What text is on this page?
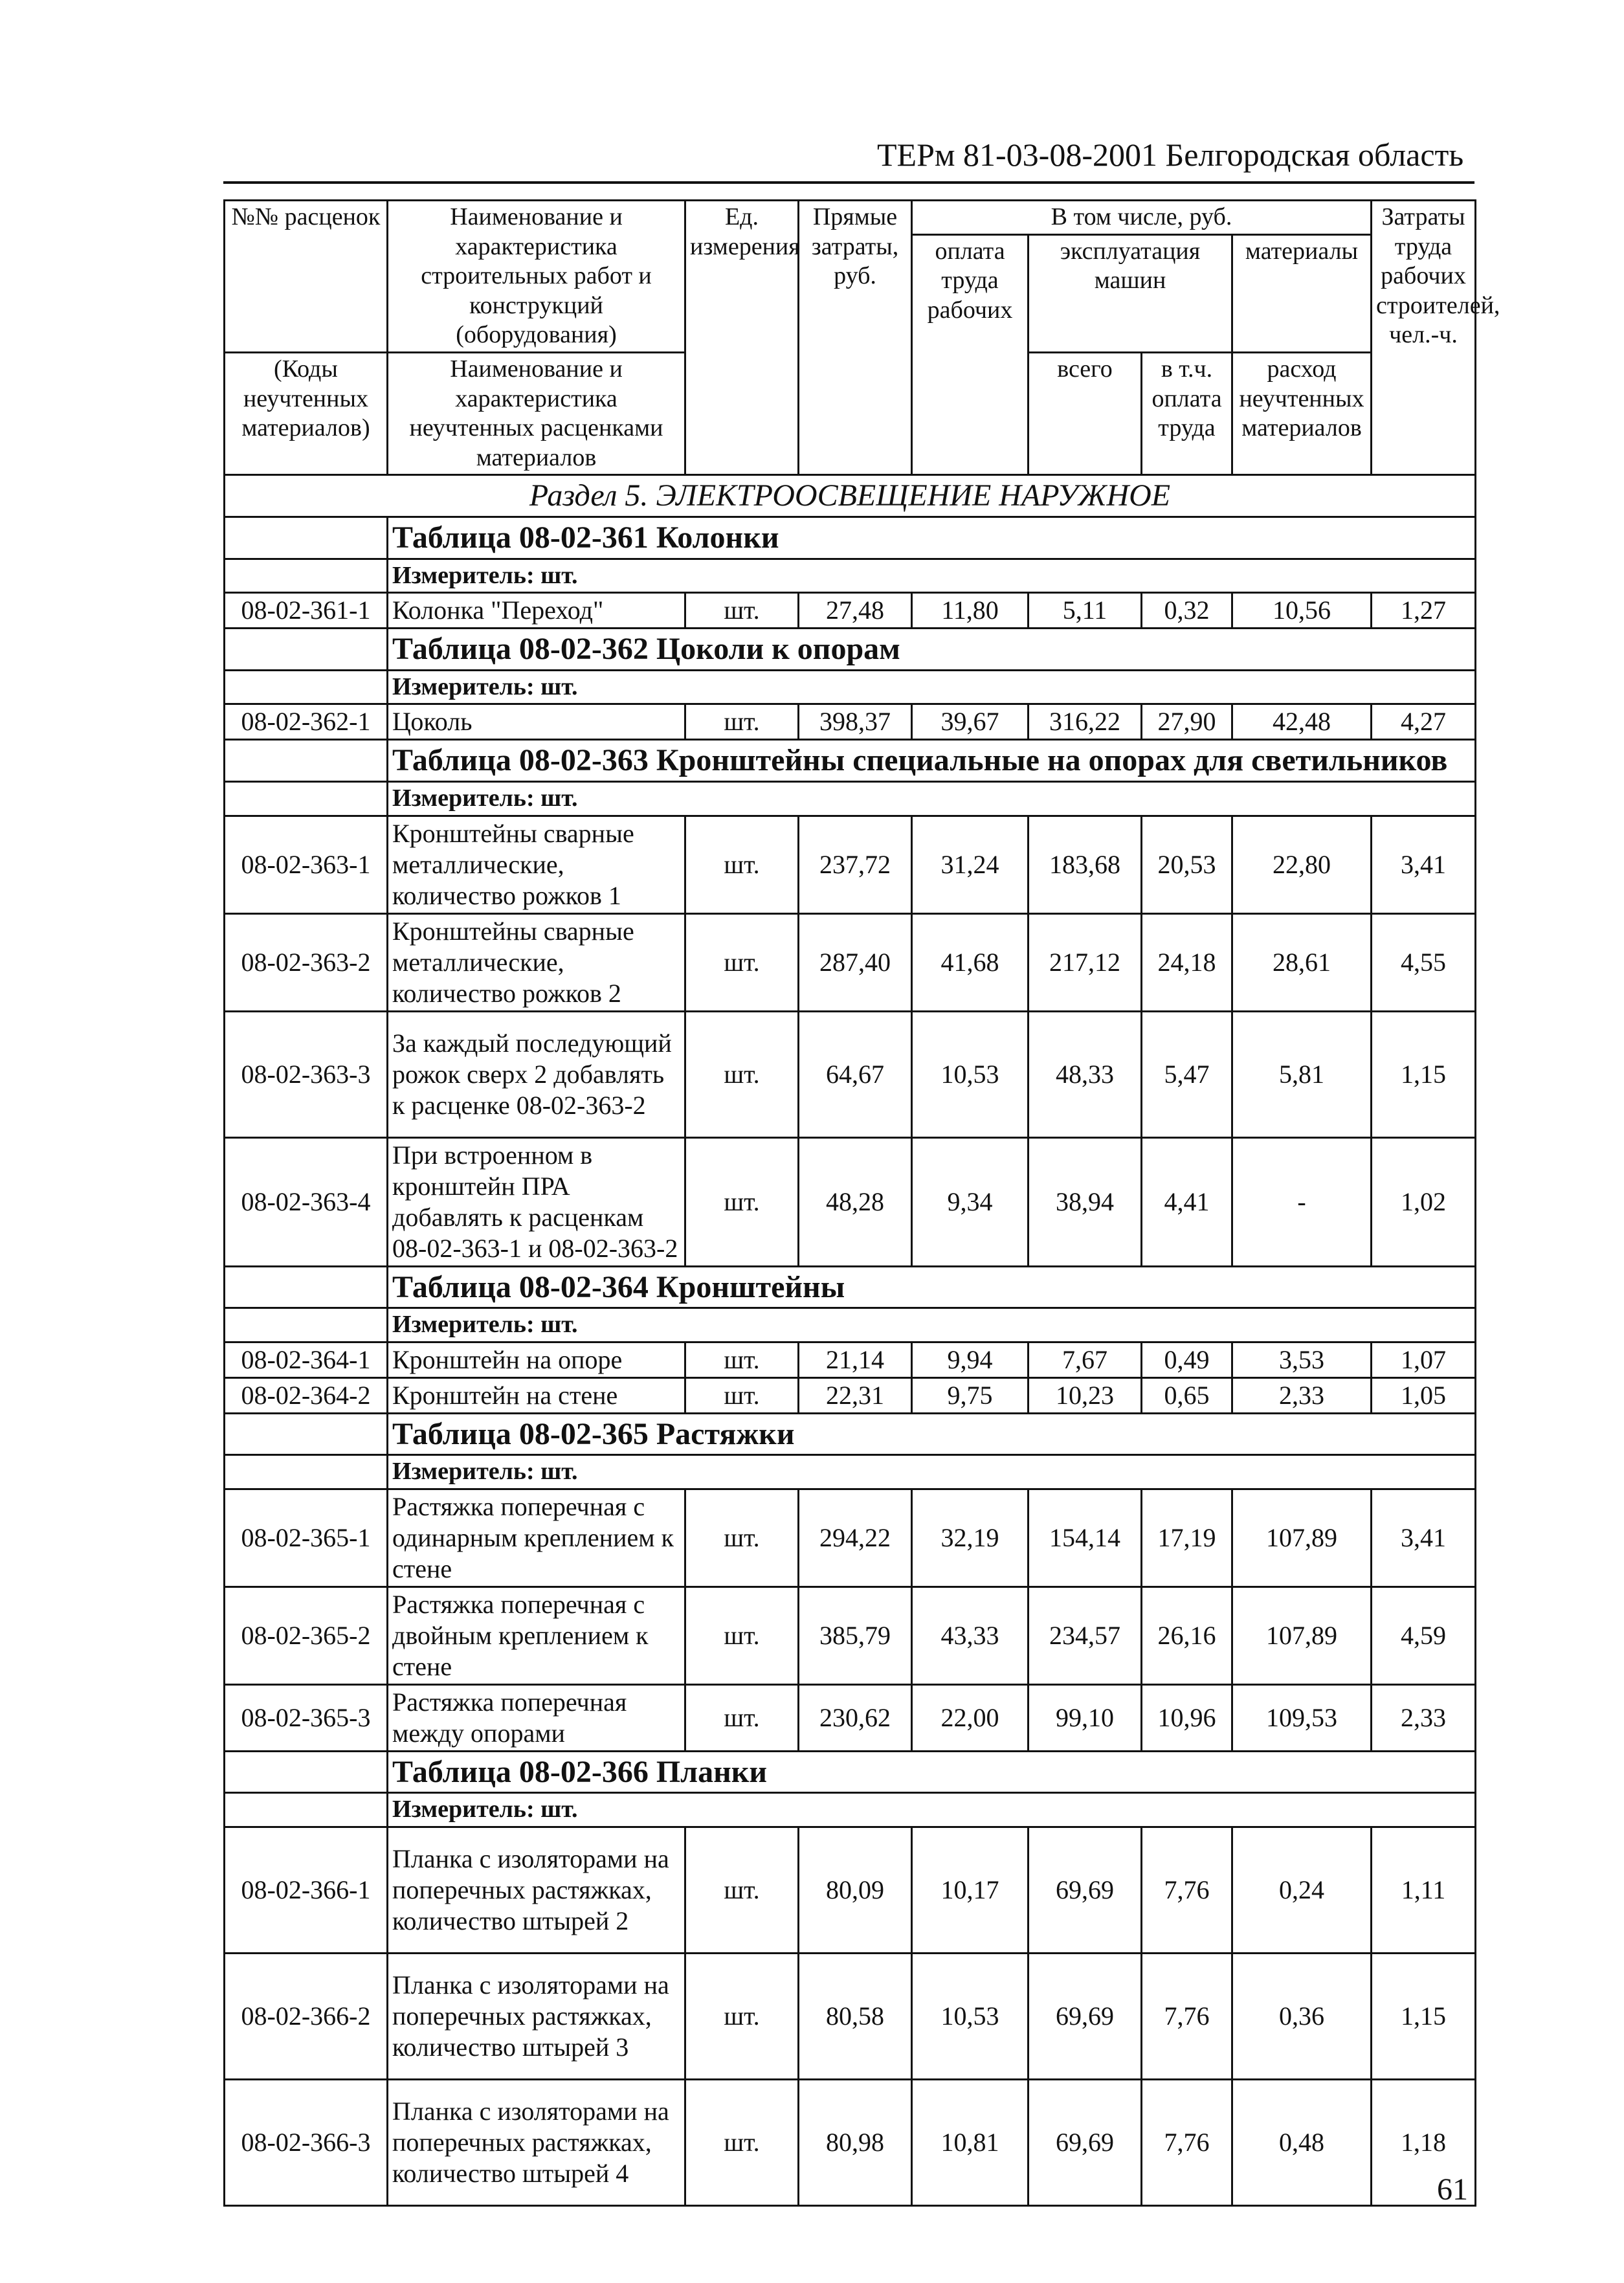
ТЕРм 81-03-08-2001 Белгородская область
№№ расценок	Наименование и характеристика строительных работ и конструкций (оборудования)	Ед. измерения	Прямые затраты, руб.	В том числе, руб.				Затраты труда рабочих строителей, чел.-ч.
				оплата труда рабочих	эксплуатация машин		материалы	
(Коды неучтенных материалов)	Наименование и характеристика неучтенных расценками материалов				всего	в т.ч. оплата труда	расход неучтенных материалов	

Раздел 5. ЭЛЕКТРООСВЕЩЕНИЕ НАРУЖНОЕ								
	Таблица 08-02-361 Колонки							
	Измеритель: шт.							
08-02-361-1	Колонка "Переход"	шт.	27,48	11,80	5,11	0,32	10,56	1,27
	Таблица 08-02-362 Цоколи к опорам							
	Измеритель: шт.							
08-02-362-1	Цоколь	шт.	398,37	39,67	316,22	27,90	42,48	4,27
	Таблица 08-02-363 Кронштейны специальные на опорах для светильников							
	Измеритель: шт.							
08-02-363-1	Кронштейны сварные металлические, количество рожков 1	шт.	237,72	31,24	183,68	20,53	22,80	3,41
08-02-363-2	Кронштейны сварные металлические, количество рожков 2	шт.	287,40	41,68	217,12	24,18	28,61	4,55
08-02-363-3	За каждый последующий рожок сверх 2 добавлять к расценке 08-02-363-2	шт.	64,67	10,53	48,33	5,47	5,81	1,15
08-02-363-4	При встроенном в кронштейн ПРА добавлять к расценкам 08-02-363-1 и 08-02-363-2	шт.	48,28	9,34	38,94	4,41	-	1,02
	Таблица 08-02-364 Кронштейны							
	Измеритель: шт.							
08-02-364-1	Кронштейн на опоре	шт.	21,14	9,94	7,67	0,49	3,53	1,07
08-02-364-2	Кронштейн на стене	шт.	22,31	9,75	10,23	0,65	2,33	1,05
	Таблица 08-02-365 Растяжки							
	Измеритель: шт.							
08-02-365-1	Растяжка поперечная с одинарным креплением к стене	шт.	294,22	32,19	154,14	17,19	107,89	3,41
08-02-365-2	Растяжка поперечная с двойным креплением к стене	шт.	385,79	43,33	234,57	26,16	107,89	4,59
08-02-365-3	Растяжка поперечная между опорами	шт.	230,62	22,00	99,10	10,96	109,53	2,33
	Таблица 08-02-366 Планки							
	Измеритель: шт.							
08-02-366-1	Планка с изоляторами на поперечных растяжках, количество штырей 2	шт.	80,09	10,17	69,69	7,76	0,24	1,11
08-02-366-2	Планка с изоляторами на поперечных растяжках, количество штырей 3	шт.	80,58	10,53	69,69	7,76	0,36	1,15
08-02-366-3	Планка с изоляторами на поперечных растяжках, количество штырей 4	шт.	80,98	10,81	69,69	7,76	0,48	1,18
61
